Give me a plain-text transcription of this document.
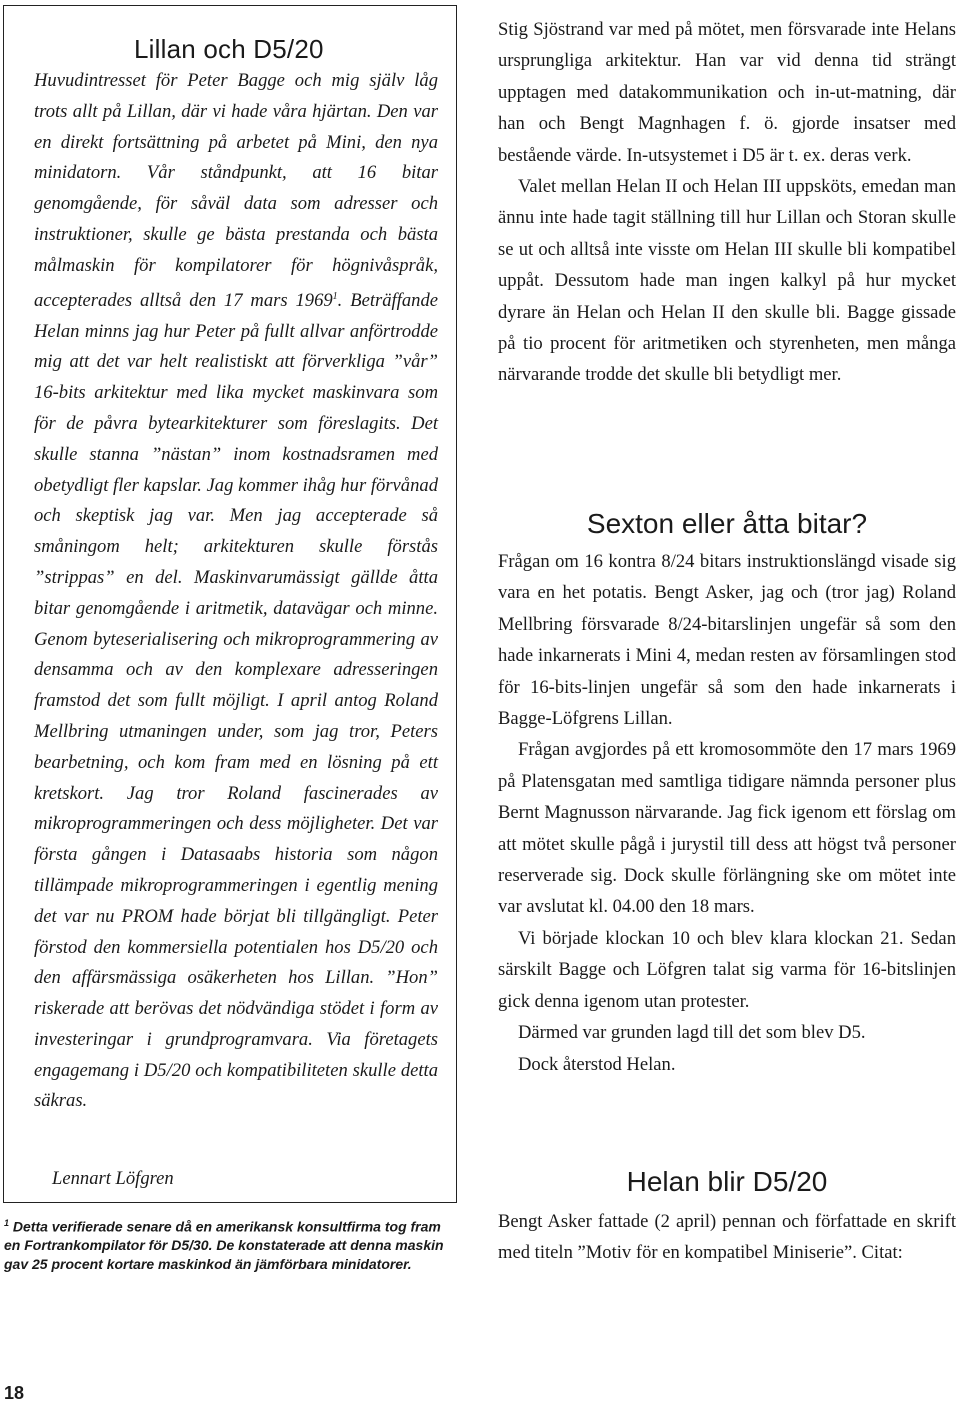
Lillan och D5/20

Huvudintresset för Peter Bagge och mig själv låg trots allt på Lillan, där vi hade våra hjärtan. Den var en direkt fortsättning på arbetet på Mini, den nya minidatorn. Vår ståndpunkt, att 16 bitar genomgående, för såväl data som adresser och instruktioner, skulle ge bästa prestanda och bästa målmaskin för kompilatorer för högnivåspråk, accepterades alltså den 17 mars 1969$^1$. Beträffande Helan minns jag hur Peter på fullt allvar anförtrodde mig att det var helt realistiskt att förverkliga ”vår” 16-bits arkitektur med lika mycket maskinvara som för de påvra bytearkitekturer som föreslagits. Det skulle stanna ”nästan” inom kostnadsramen med obetydligt fler kapslar. Jag kommer ihåg hur förvånad och skeptisk jag var. Men jag accepterade så småningom helt; arkitekturen skulle förstås ”strippas” en del. Maskinvarumässigt gällde åtta bitar genomgående i aritmetik, datavägar och minne. Genom byteserialisering och mikroprogrammering av densamma och av den komplexare adresseringen framstod det som fullt möjligt. I april antog Roland Mellbring utmaningen under, som jag tror, Peters bearbetning, och kom fram med en lösning på ett kretskort. Jag tror Roland fascinerades av mikroprogrammeringen och dess möjligheter. Det var första gången i Datasaabs historia som någon tillämpade mikroprogrammeringen i egentlig mening det var nu PROM hade börjat bli tillgängligt. Peter förstod den kommersiella potentialen hos D5/20 och den affärsmässiga osäkerheten hos Lillan. ”Hon” riskerade att berövas det nödvändiga stödet i form av investeringar i grundprogramvara. Via företagets engagemang i D5/20 och kompatibiliteten skulle detta säkras.

Lennart Löfgren

$^1$ Detta verifierade senare då en amerikansk konsultfirma tog fram en Fortrankompilator för D5/30. De konstaterade att denna maskin gav 25 procent kortare maskinkod än jämförbara minidatorer.

18

Stig Sjöstrand var med på mötet, men försvarade inte Helans ursprungliga arkitektur. Han var vid denna tid strängt upptagen med datakommunikation och in-ut-matning, där han och Bengt Magnhagen f. ö. gjorde insatser med bestående värde. In-utsystemet i D5 är t. ex. deras verk.

Valet mellan Helan II och Helan III uppsköts, emedan man ännu inte hade tagit ställning till hur Lillan och Storan skulle se ut och alltså inte visste om Helan III skulle bli kompatibel uppåt. Dessutom hade man ingen kalkyl på hur mycket dyrare än Helan och Helan II den skulle bli. Bagge gissade på tio procent för aritmetiken och styrenheten, men många närvarande trodde det skulle bli betydligt mer.

Sexton eller åtta bitar?

Frågan om 16 kontra 8/24 bitars instruktionslängd visade sig vara en het potatis. Bengt Asker, jag och (tror jag) Roland Mellbring försvarade 8/24-bitarslinjen ungefär så som den hade inkarnerats i Mini 4, medan resten av församlingen stod för 16-bits-linjen ungefär så som den hade inkarnerats i Bagge-Löfgrens Lillan.

Frågan avgjordes på ett kromosommöte den 17 mars 1969 på Platensgatan med samtliga tidigare nämnda personer plus Bernt Magnusson närvarande. Jag fick igenom ett förslag om att mötet skulle pågå i jurystil till dess att högst två personer reserverade sig. Dock skulle förlängning ske om mötet inte var avslutat kl. 04.00 den 18 mars.

Vi började klockan 10 och blev klara klockan 21. Sedan särskilt Bagge och Löfgren talat sig varma för 16-bitslinjen gick denna igenom utan protester.

Därmed var grunden lagd till det som blev D5.

Dock återstod Helan.

Helan blir D5/20

Bengt Asker fattade (2 april) pennan och författade en skrift med titeln ”Motiv för en kompatibel Miniserie”. Citat:
